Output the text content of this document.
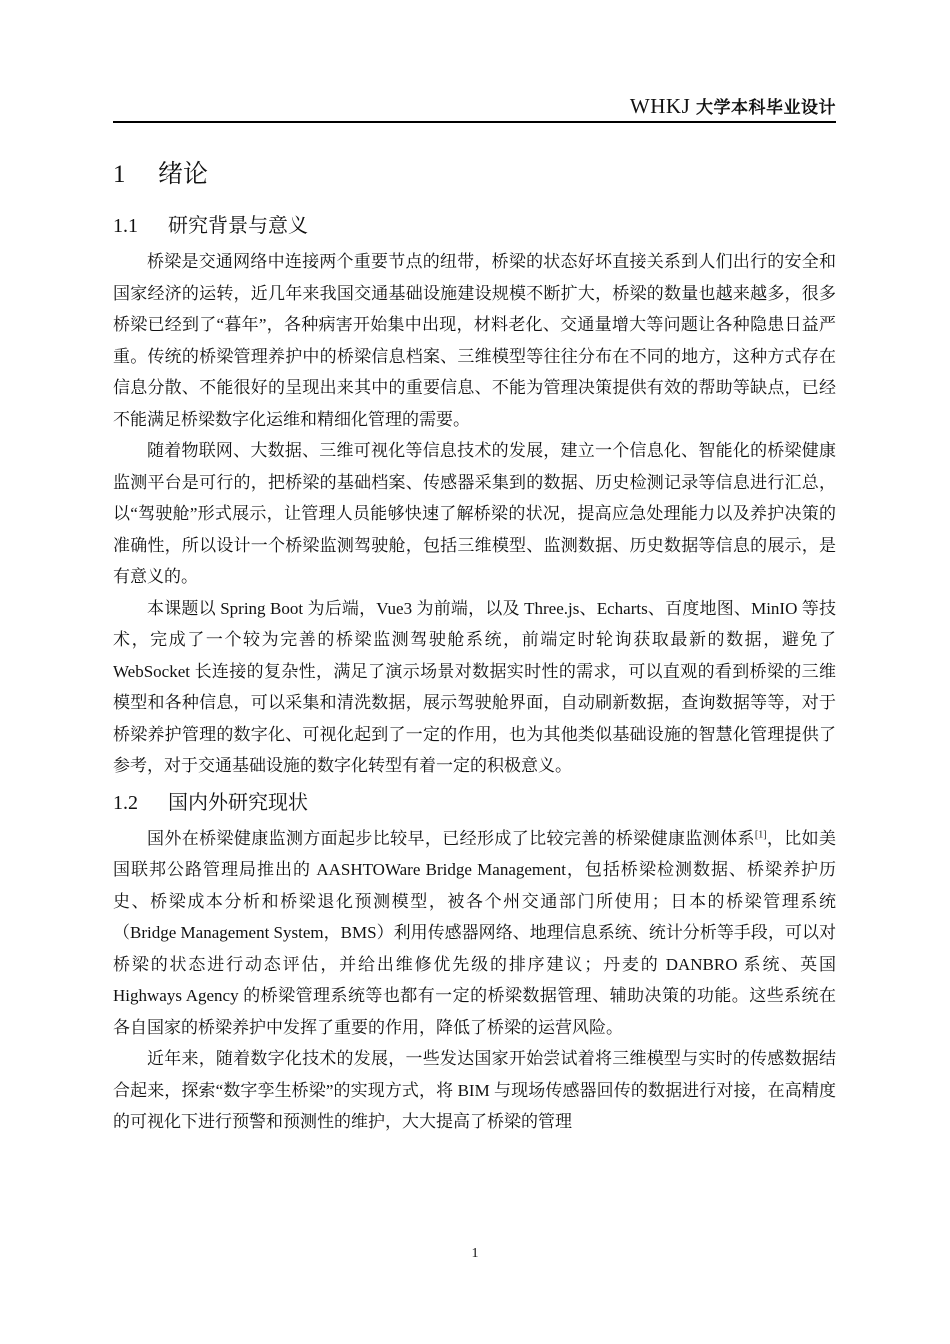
WHKJ 大学本科毕业设计
1 绪论
1.1 研究背景与意义

桥梁是交通网络中连接两个重要节点的纽带，桥梁的状态好坏直接关系到人们出行的安全和国家经济的运转，近几年来我国交通基础设施建设规模不断扩大，桥梁的数量也越来越多，很多桥梁已经到了“暮年”，各种病害开始集中出现，材料老化、交通量增大等问题让各种隐患日益严重。传统的桥梁管理养护中的桥梁信息档案、三维模型等往往分布在不同的地方，这种方式存在信息分散、不能很好的呈现出来其中的重要信息、不能为管理决策提供有效的帮助等缺点，已经不能满足桥梁数字化运维和精细化管理的需要。

随着物联网、大数据、三维可视化等信息技术的发展，建立一个信息化、智能化的桥梁健康监测平台是可行的，把桥梁的基础档案、传感器采集到的数据、历史检测记录等信息进行汇总，以“驾驶舱”形式展示，让管理人员能够快速了解桥梁的状况，提高应急处理能力以及养护决策的准确性，所以设计一个桥梁监测驾驶舱，包括三维模型、监测数据、历史数据等信息的展示，是有意义的。

本课题以 Spring Boot 为后端，Vue3 为前端，以及 Three.js、Echarts、百度地图、MinIO 等技术，完成了一个较为完善的桥梁监测驾驶舱系统，前端定时轮询获取最新的数据，避免了 WebSocket 长连接的复杂性，满足了演示场景对数据实时性的需求，可以直观的看到桥梁的三维模型和各种信息，可以采集和清洗数据，展示驾驶舱界面，自动刷新数据，查询数据等等，对于桥梁养护管理的数字化、可视化起到了一定的作用，也为其他类似基础设施的智慧化管理提供了参考，对于交通基础设施的数字化转型有着一定的积极意义。

1.2 国内外研究现状

国外在桥梁健康监测方面起步比较早，已经形成了比较完善的桥梁健康监测体系[1]，比如美国联邦公路管理局推出的 AASHTOWare Bridge Management，包括桥梁检测数据、桥梁养护历史、桥梁成本分析和桥梁退化预测模型，被各个州交通部门所使用；日本的桥梁管理系统（Bridge Management System，BMS）利用传感器网络、地理信息系统、统计分析等手段，可以对桥梁的状态进行动态评估，并给出维修优先级的排序建议；丹麦的 DANBRO 系统、英国 Highways Agency 的桥梁管理系统等也都有一定的桥梁数据管理、辅助决策的功能。这些系统在各自国家的桥梁养护中发挥了重要的作用，降低了桥梁的运营风险。

近年来，随着数字化技术的发展，一些发达国家开始尝试着将三维模型与实时的传感数据结合起来，探索“数字孪生桥梁”的实现方式，将 BIM 与现场传感器回传的数据进行对接，在高精度的可视化下进行预警和预测性的维护，大大提高了桥梁的管理

1
